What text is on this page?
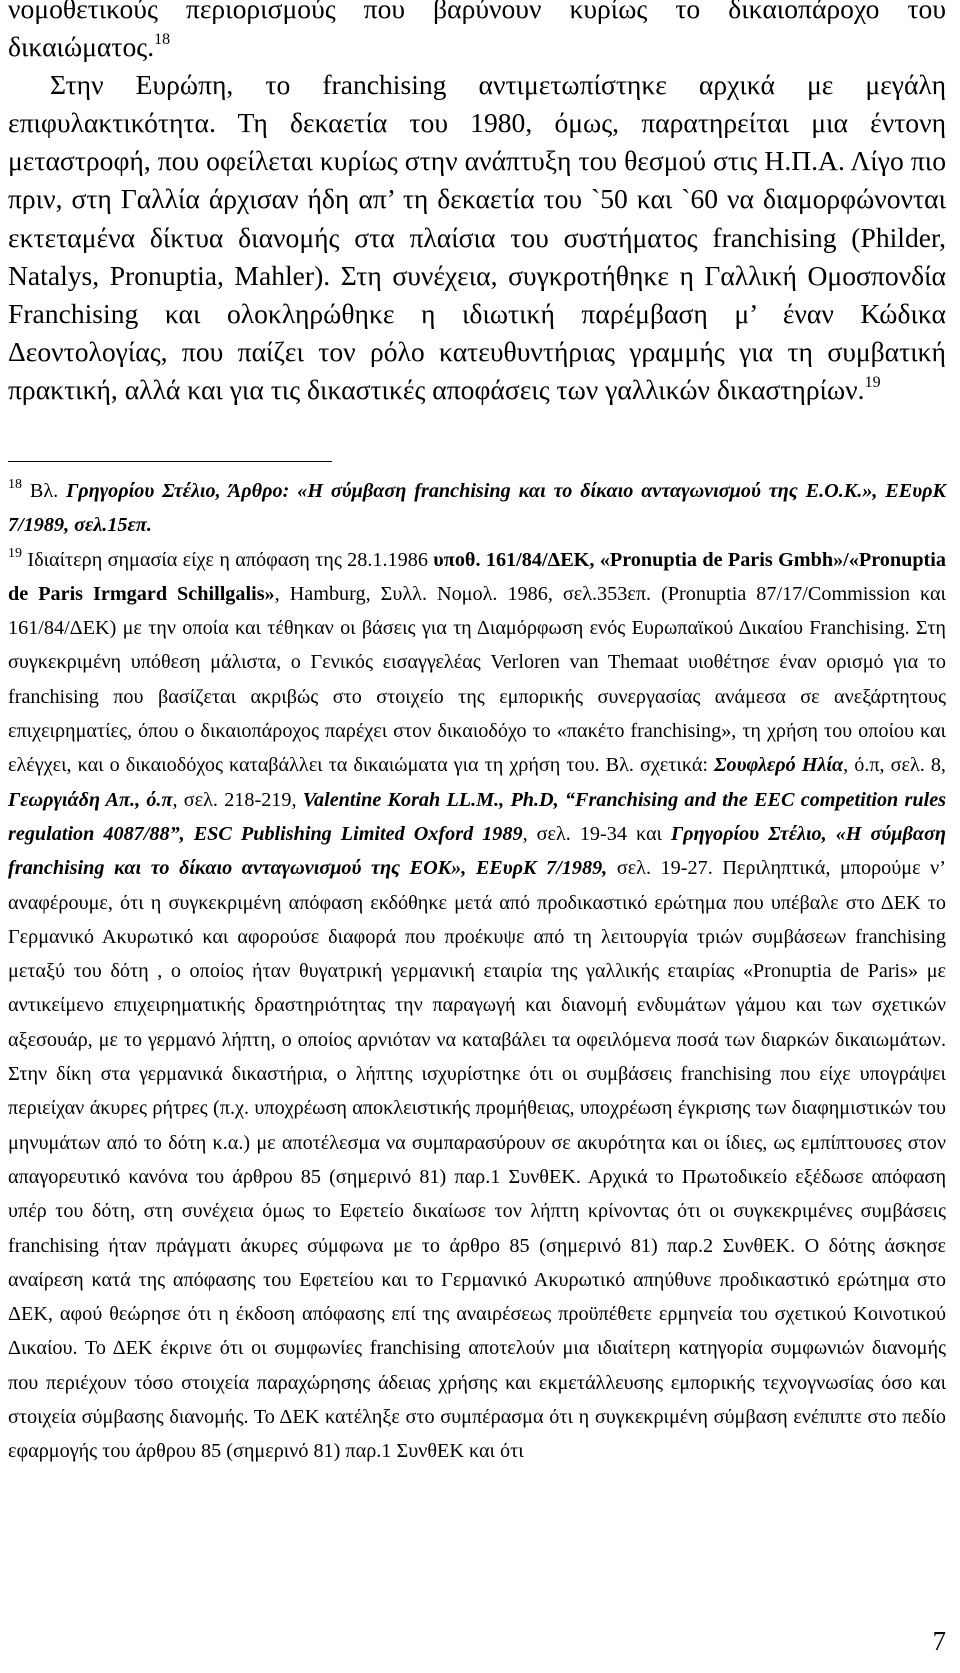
νομοθετικούς περιορισμούς που βαρύνουν κυρίως το δικαιοπάροχο του δικαιώματος.$^{18}$

Στην Ευρώπη, το franchising αντιμετωπίστηκε αρχικά με μεγάλη επιφυλακτικότητα. Τη δεκαετία του 1980, όμως, παρατηρείται μια έντονη μεταστροφή, που οφείλεται κυρίως στην ανάπτυξη του θεσμού στις Η.Π.Α. Λίγο πιο πριν, στη Γαλλία άρχισαν ήδη απ’ τη δεκαετία του `50 και `60 να διαμορφώνονται εκτεταμένα δίκτυα διανομής στα πλαίσια του συστήματος franchising (Philder, Natalys, Pronuptia, Mahler). Στη συνέχεια, συγκροτήθηκε η Γαλλική Ομοσπονδία Franchising και ολοκληρώθηκε η ιδιωτική παρέμβαση μ’ έναν Κώδικα Δεοντολογίας, που παίζει τον ρόλο κατευθυντήριας γραμμής για τη συμβατική πρακτική, αλλά και για τις δικαστικές αποφάσεις των γαλλικών δικαστηρίων.$^{19}$

$^{18}$ Βλ. Γρηγορίου Στέλιο, Άρθρο: «Η σύμβαση franchising και το δίκαιο ανταγωνισμού της Ε.Ο.Κ.», ΕΕυρΚ 7/1989, σελ.15επ.

$^{19}$ Ιδιαίτερη σημασία είχε η απόφαση της 28.1.1986 υποθ. 161/84/ΔΕΚ, «Pronuptia de Paris Gmbh»/«Pronuptia de Paris Irmgard Schillgalis», Hamburg, Συλλ. Νομολ. 1986, σελ.353επ. (Pronuptia 87/17/Commission και 161/84/ΔΕΚ) με την οποία και τέθηκαν οι βάσεις για τη Διαμόρφωση ενός Ευρωπαϊκού Δικαίου Franchising. Στη συγκεκριμένη υπόθεση μάλιστα, ο Γενικός εισαγγελέας Verloren van Themaat υιοθέτησε έναν ορισμό για το franchising που βασίζεται ακριβώς στο στοιχείο της εμπορικής συνεργασίας ανάμεσα σε ανεξάρτητους επιχειρηματίες, όπου ο δικαιοπάροχος παρέχει στον δικαιοδόχο το «πακέτο franchising», τη χρήση του οποίου και ελέγχει, και ο δικαιοδόχος καταβάλλει τα δικαιώματα για τη χρήση του. Βλ. σχετικά: Σουφλερό Ηλία, ό.π, σελ. 8, Γεωργιάδη Απ., ό.π, σελ. 218-219, Valentine Korah LL.M., Ph.D, “Franchising and the EEC competition rules regulation 4087/88”, ESC Publishing Limited Oxford 1989, σελ. 19-34 και Γρηγορίου Στέλιο, «Η σύμβαση franchising και το δίκαιο ανταγωνισμού της ΕΟΚ», ΕΕυρΚ 7/1989, σελ. 19-27. Περιληπτικά, μπορούμε ν’ αναφέρουμε, ότι η συγκεκριμένη απόφαση εκδόθηκε μετά από προδικαστικό ερώτημα που υπέβαλε στο ΔΕΚ το Γερμανικό Ακυρωτικό και αφορούσε διαφορά που προέκυψε από τη λειτουργία τριών συμβάσεων franchising μεταξύ του δότη , ο οποίος ήταν θυγατρική γερμανική εταιρία της γαλλικής εταιρίας «Pronuptia de Paris» με αντικείμενο επιχειρηματικής δραστηριότητας την παραγωγή και διανομή ενδυμάτων γάμου και των σχετικών αξεσουάρ, με το γερμανό λήπτη, ο οποίος αρνιόταν να καταβάλει τα οφειλόμενα ποσά των διαρκών δικαιωμάτων. Στην δίκη στα γερμανικά δικαστήρια, ο λήπτης ισχυρίστηκε ότι οι συμβάσεις franchising που είχε υπογράψει περιείχαν άκυρες ρήτρες (π.χ. υποχρέωση αποκλειστικής προμήθειας, υποχρέωση έγκρισης των διαφημιστικών του μηνυμάτων από το δότη κ.α.) με αποτέλεσμα να συμπαρασύρουν σε ακυρότητα και οι ίδιες, ως εμπίπτουσες στον απαγορευτικό κανόνα του άρθρου 85 (σημερινό 81) παρ.1 ΣυνθΕΚ. Αρχικά το Πρωτοδικείο εξέδωσε απόφαση υπέρ του δότη, στη συνέχεια όμως το Εφετείο δικαίωσε τον λήπτη κρίνοντας ότι οι συγκεκριμένες συμβάσεις franchising ήταν πράγματι άκυρες σύμφωνα με το άρθρο 85 (σημερινό 81) παρ.2 ΣυνθΕΚ. Ο δότης άσκησε αναίρεση κατά της απόφασης του Εφετείου και το Γερμανικό Ακυρωτικό απηύθυνε προδικαστικό ερώτημα στο ΔΕΚ, αφού θεώρησε ότι η έκδοση απόφασης επί της αναιρέσεως προϋπέθετε ερμηνεία του σχετικού Κοινοτικού Δικαίου. Το ΔΕΚ έκρινε ότι οι συμφωνίες franchising αποτελούν μια ιδιαίτερη κατηγορία συμφωνιών διανομής που περιέχουν τόσο στοιχεία παραχώρησης άδειας χρήσης και εκμετάλλευσης εμπορικής τεχνογνωσίας όσο και στοιχεία σύμβασης διανομής. Το ΔΕΚ κατέληξε στο συμπέρασμα ότι η συγκεκριμένη σύμβαση ενέπιπτε στο πεδίο εφαρμογής του άρθρου 85 (σημερινό 81) παρ.1 ΣυνθΕΚ και ότι

7
